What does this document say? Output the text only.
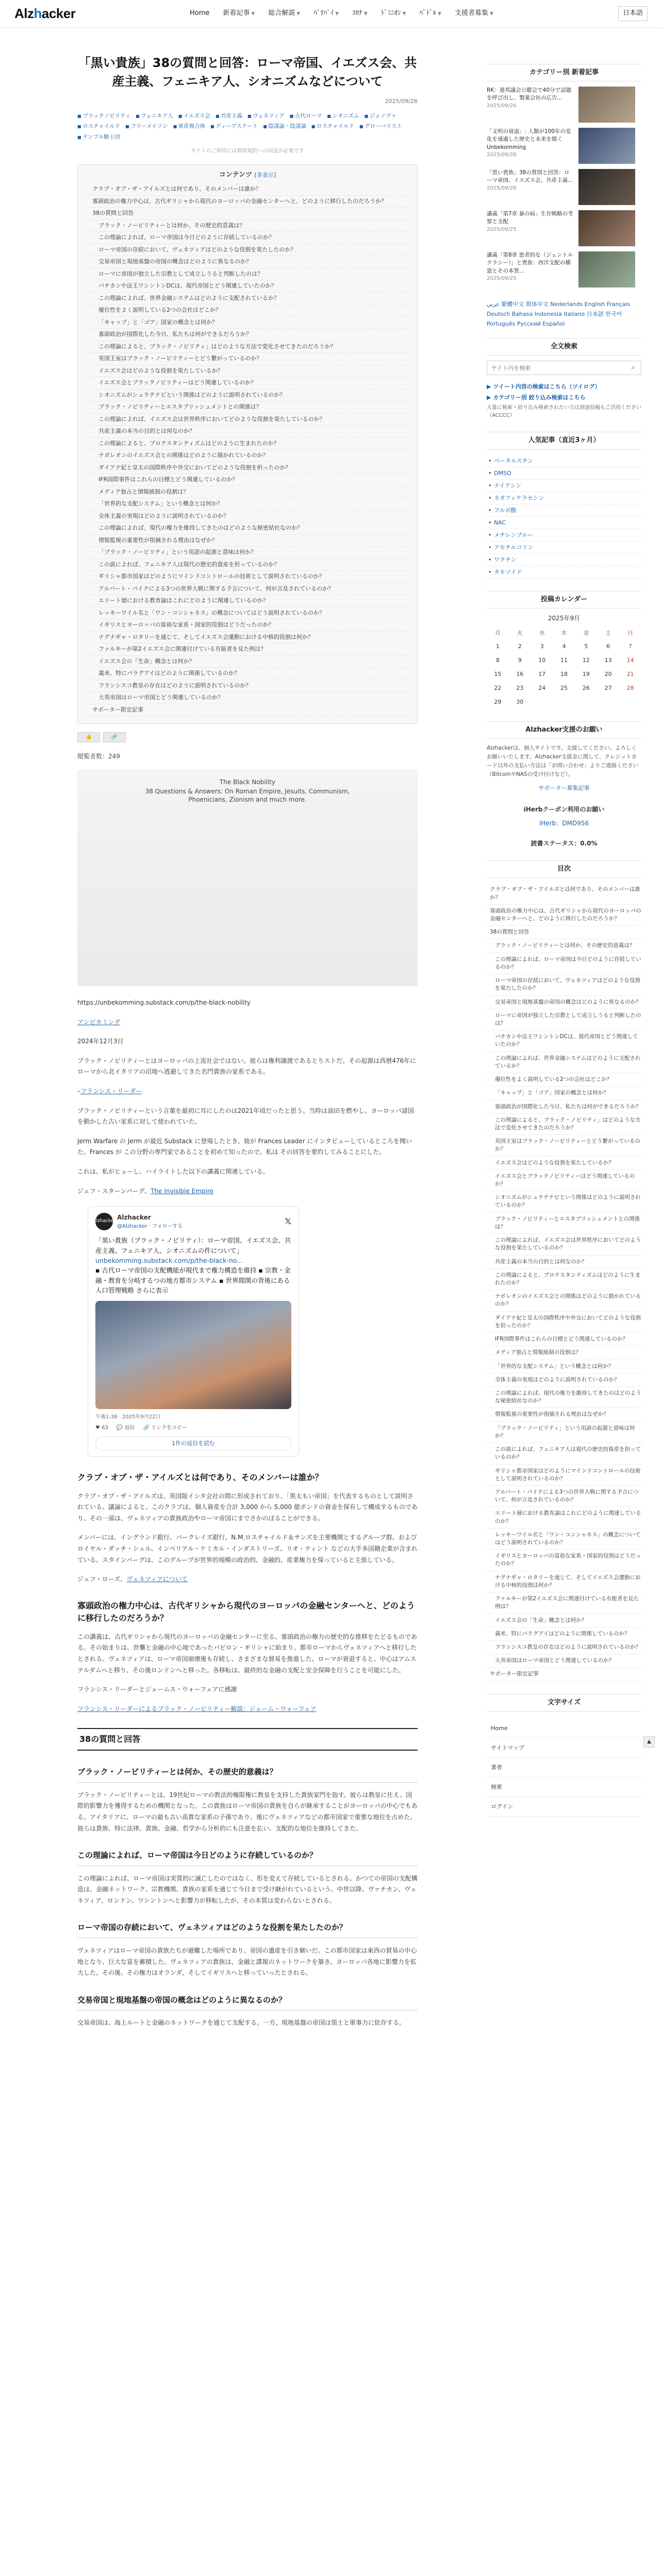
Alzhacker	Home 新着記事 ▼ 総合解説 ▼ ﾊﾟﾘﾊﾞｲ ▼ ｺﾛﾅ ▼ ﾄﾞﾐﾆｵﾝ ▼ ﾊﾟﾄﾞﾙ ▼ 支援者募集 ▼	日本語
「黒い貴族」38の質問と回答：ローマ帝国、イエズス会、共産主義、フェニキア人、シオニズムなどについて
2025/09/26
■ ブラックノビリティ	■ フェニキア人	■ イエズス会	■ 共産主義	■ ヴェネツィア	■ 古代ローマ	■ シオニズム	■ ジェノヴァ
■ ロスチャイルド	■ フリーメイソン	■ 軍産複合体	■ ディープステート	■ 陰謀論・陰謀論	■ ロスチャイルド	■ グローバリスト
■ テンプル騎士団
サイトのご利用には利用規約への同意が必要です
コンテンツ [非表示]
クラブ・オブ・ザ・アイルズとは何であり、そのメンバーは誰か？
寡頭政治の権力中心は、古代ギリシャから現代のヨーロッパの金融センターへと、どのように移行したのだろうか？
38の質問と回答
ブラック・ノービリティーとは何か、その歴史的意義は？
この理論によれば、ローマ帝国は今日どのように存続しているのか？
ローマ帝国の存続において、ヴェネツィアはどのような役割を果たしたのか？
交易帝国と現地基盤の帝国の概念はどのように異なるのか？
ローマに帝国が独立した宗教として成立しうると判断したのは？
バチカンや法王ワシントンDCは、現代帝国とどう関連していたのか？
この理論によれば、世界金融システムはどのように支配されているか？
優位性をよく説明している2つの会社はどこか？
「キャップ」と「ゴア」国家の概念とは何か？
寡頭政治が国際化した今日、私たちは何ができるだろうか？
この理論によると、ブラック・ノビリティ」はどのような方法で変化させてきたのだろうか？
英国王室はブラック・ノービリティーとどう繋がっているのか？
イエズス会はどのような役割を果たしているか？
イエズス会とブラックノビリティーはどう関連しているのか？
シオニズムがシュラテナビという関係はどのように説明されているのか？
ブラック・ノビリティーとエスタブリッシュメントとの関係は？
この理論によれば、イエズス会は世界秩序においてどのような役割を果たしているのか？
共産主義の本当の目的とは何なのか？
この理論によると、プロテスタンティズムはどのように生まれたのか？
ナポレオンのイエズス会との関係はどのように描かれているのか？
ダイアナ妃と皇太の国際秩序や外交においてどのような役割を担ったのか？
IFR国際事件はこれらの目標とどう関連しているのか？
メディア独占と情報統制の役割は？
「世界的な支配システム」という概念とは何か？
全体主義の実現はどのように説明されているのか？
この理論によれば、現代の権力を維持してきたのはどのような秘密結社なのか？
情報監視の重要性が指摘される理由はなぜか？
「ブラック・ノービリティ」という用語の起源と意味は何か？
この説によれば、フェニキア人は現代の歴史的資産を担っているのか？
ギリシャ都市国家はどのようにマインドコントロールの技術として説明されているのか？
アルバート・パイクによる3つの世界大戦に関する予言について、何が言及されているのか？
エリート層における教育論はこれにどのように関連しているのか？
レッキーワイル名と「ワン・コンシャネス」の概念についてはどう説明されているのか？
イギリスとヨーロッパの富裕な家系・国家的役割はどうだったのか？
ナグナギャ・ロタリーを通じて、そしてイエズス会運動における中核的役割は何か？
ファルキーが第2イエズス会に関連付けている有能者を見た例は？
イエズス会の「生命」概念とは何か？
義米、特にパラグアイはどのように関係しているのか？
フランシスコ教皇の存在はどのように説明されているのか？
大英帝国はローマ帝国とどう関連しているのか？
サポーター限定記事
👍	🔗
閲覧者数：249
The Black Nobility
38 Questions & Answers: On Roman Empire, Jesuits, Communism, Phoenicians, Zionism and much more.

https://unbekomming.substack.com/p/the-black-nobility

アンビカミング

2024年12月3日

ブラック・ノビリティーとはヨーロッパの上流社会ではない。彼らは権利譲渡であるとりストだ。その起源は西暦476年にローマから北イタリアの沼地へ逃避してきた名門貴族の家系である。

–フランシス・リーダー

ブラック・ノビリティーという言葉を最初に耳にしたのは2021年頃だったと思う。当時は油田を燃やし、ヨーロッパ諸国を動かした古い家系に対して使われていた。

Jerm Warfare の Jerm が最近 Substack に登場したとき、彼が Frances Leader にインタビューしているところを聞いた。Frances が この分野の専門家であることを初めて知ったので、私は その回答を要約してみることにした。

これは、私がヒューし、ハイライトした以下の講義に関連している。

ジェフ・スターンバーグ、The Invisible Empire

Alzhacker
Alzhacker
@Alzhacker · フォローする
𝕏
「黒い貴族（ブラック・ノビリティ）：ローマ帝国、イエズス会、共産主義、フェニキア人、シオニズムの件について」
unbekomming.substack.com/p/the-black-no...
▪ 古代ローマ帝国の支配機能が現代まで権力構造を維持 ▪ 宗教・金融・教育を分岐するつの地方都市システム ▪ 世界間関の背後にある人口管理戦略 さらに表示
午後1:38 · 2025年9月22日
♥ 63 💬 返信 🔗 リンクをコピー
1件の返信を読む
クラブ・オブ・ザ・アイルズとは何であり、そのメンバーは誰か？

クラブ・オブ・ザ・アイルズは、英国版イシタ会社の間に形成されており、「黒太もい帝国」を代表するものとして説明されている。議論によると、このクラブは、個人資産を合計 3,000 から 5,000 億ポンドの資金を保有して構成するものであり、その一部は、ヴェネツィアの貴族政治やローマ帝国にまでさかのぼることができる。

メンバーには、イングランド銀行、バークレイズ銀行、N.M.ロスチャイルド＆サンズを主要機関とするグループ群、およびロイヤル・ダッチ・シェル、インペリアル・ケミカル・インダストリーズ、リオ・ティント などの大手多国籍企業が含まれている。スタインバーグは、このグループが世界的規模の政治的、金融的、産業権力を保っていると主張している。

ジェフ・ローズ、ヴェネツィアについて

寡頭政治の権力中心は、古代ギリシャから現代のヨーロッパの金融センターへと、どのように移行したのだろうか？

この講義は、古代ギリシャから現代のヨーロッパの金融センターに至る、寡頭政治の権力の歴史的な推移をたどるものである。その始まりは、世襲と金融の中心地であったバビロン・ギリシャに始まり、都市ローマからヴェネツィアへと移行したとされる。ヴェネツィアは、ローマ帝国崩壊後も存続し、さまざまな貿易を推進した。ローマが衰退すると、中心はアムステルダムへと移り、その後ロンドンへと移った。各移転は、最終的な金融の支配と安全保障を行うことを可能にした。

フランシス・リーダーとジェームス・ウォーフェアに感謝

フランシス・リーダーによるブラック・ノービリティー解説：ジェーム・ウォーフェア

38の質問と回答
ブラック・ノービリティーとは何か、その歴史的意義は？

ブラック・ノービリティーとは、19世紀ローマの教法的権限権に教皇を支持した貴族家門を指す。彼らは教皇に仕え、国際的影響力を獲得するための機関となった。この貴族はローマ帝国の貴族を自らが継承することがヨーロッパの中心でもある。アイタリアに、ローマの最も古い高貴な家系の子孫であり、後にヴェネツィアなどの都市国家で重要な地位を占めた。彼らは貴族、特に法律、貴族、金融、哲学から分析的にも注意を払い、支配的な地位を維持してきた。

この理論によれば、ローマ帝国は今日どのように存続しているのか？

この理論によれば、ローマ帝国は実質的に滅亡したのではなく、形を変えて存続しているとされる。かつての帝国の支配構造は、金融ネットワーク、宗教機関、貴族の家系を通じて今日まで受け継がれているという。中世以降、ヴァチカン、ヴェネツィア、ロンドン、ワシントンへと影響力が移転したが、その本質は変わらないとされる。

ローマ帝国の存続において、ヴェネツィアはどのような役割を果たしたのか？

ヴェネツィアはローマ帝国の貴族たちが避難した場所であり、帝国の遺産を引き継いだ。この都市国家は東西の貿易の中心地となり、巨大な富を蓄積した。ヴェネツィアの貴族は、金融と諜報のネットワークを築き、ヨーロッパ各地に影響力を拡大した。その後、その権力はオランダ、そしてイギリスへと移っていったとされる。

交易帝国と現地基盤の帝国の概念はどのように異なるのか？

交易帝国は、海上ルートと金融のネットワークを通じて支配する。一方、現地基盤の帝国は領土と軍事力に依存する。

カテゴリー別 新着記事
RK：連邦議会公聴会で40分で話題を呼び出し、製薬会社の広告...
2025/09/26
「文明の衰退」: 人類が100年の変化を通過した歴史と未来を描く Unbekomming
2025/09/26
「黒い貴族」38の質問と回答：ローマ帝国、イエズス会、共産主義...
2025/09/26
講義「第7章 暴の病」生存戦略の考察と支配
2025/09/25
講義「第8章 患者的な（ジェントルクラシー）」と貴族：西洋支配の構造とその本質...
2025/09/25
عربي 繁體中文 简体中文 Nederlands English Français Deutsch Bahasa Indonesia Italiano 日本語 한국어 Português Русский Español
全文検索
サイト内を検索
⌕
▶ ツイート内容の検索はこちら（ツイログ）
▶ カテゴリー別 絞り込み検索はこちら
大量に検索・絞り込み検索されたい方は別途投稿もご活用ください（ACCCC）
人気記事（直近3ヶ月）
• ベータルスチン
• DMSO
• ナイアシン
• ネオフィケラセシン
• フルボ酸
• NAC
• メチレンブルー
• アセチルコリン
• ワクチン
• タキソイド
投稿カレンダー
2025年9月
月	火	水	木	金	土	日
1	2	3	4	5	6	7
8	9	10	11	12	13	14
15	16	17	18	19	20	21
22	23	24	25	26	27	28
29	30					
Alzhacker支援のお願い
Alzhackerは、個人サイトです。支援してください。よろしくお願いいたします。Alzhacker支援金に関して、クレジットカード以外の支払い方法は「お問い合わせ」よりご連絡ください（BitcoinやNASの受け付けなど）。
サポーター募集記事
iHerbクーポン利用のお願い
iHerb：DMD956
読書ステータス：0.0%
目次
クラブ・オブ・ザ・アイルズとは何であり、そのメンバーは誰か？
寡頭政治の権力中心は、古代ギリシャから現代のヨーロッパの金融センターへと、どのように移行したのだろうか？
38の質問と回答
ブラック・ノービリティーとは何か、その歴史的意義は？
この理論によれば、ローマ帝国は今日どのように存続しているのか？
ローマ帝国の存続において、ヴェネツィアはどのような役割を果たしたのか？
交易帝国と現地基盤の帝国の概念はどのように異なるのか？
ローマに帝国が独立した宗教として成立しうると判断したのは？
バチカンや法王ワシントンDCは、現代帝国とどう関連していたのか？
この理論によれば、世界金融システムはどのように支配されているか？
優位性をよく説明している2つの会社はどこか？
「キャップ」と「ゴア」国家の概念とは何か？
寡頭政治が国際化した今日、私たちは何ができるだろうか？
この理論によると、ブラック・ノビリティ」はどのような方法で変化させてきたのだろうか？
英国王室はブラック・ノービリティーとどう繋がっているのか？
イエズス会はどのような役割を果たしているか？
イエズス会とブラックノビリティーはどう関連しているのか？
シオニズムがシュラテナビという関係はどのように説明されているのか？
ブラック・ノビリティーとエスタブリッシュメントとの関係は？
この理論によれば、イエズス会は世界秩序においてどのような役割を果たしているのか？
共産主義の本当の目的とは何なのか？
この理論によると、プロテスタンティズムはどのように生まれたのか？
ナポレオンのイエズス会との関係はどのように描かれているのか？
ダイアナ妃と皇太の国際秩序や外交においてどのような役割を担ったのか？
IFR国際事件はこれらの目標とどう関連しているのか？
メディア独占と情報統制の役割は？
「世界的な支配システム」という概念とは何か？
全体主義の実現はどのように説明されているのか？
この理論によれば、現代の権力を維持してきたのはどのような秘密結社なのか？
情報監視の重要性が指摘される理由はなぜか？
「ブラック・ノービリティ」という用語の起源と意味は何か？
この説によれば、フェニキア人は現代の歴史的資産を担っているのか？
ギリシャ都市国家はどのようにマインドコントロールの技術として説明されているのか？
アルバート・パイクによる3つの世界大戦に関する予言について、何が言及されているのか？
エリート層における教育論はこれにどのように関連しているのか？
レッキーワイル名と「ワン・コンシャネス」の概念についてはどう説明されているのか？
イギリスとヨーロッパの富裕な家系・国家的役割はどうだったのか？
ナグナギャ・ロタリーを通じて、そしてイエズス会運動における中核的役割は何か？
ファルキーが第2イエズス会に関連付けている有能者を見た例は？
イエズス会の「生命」概念とは何か？
義米、特にパラグアイはどのように関係しているのか？
フランシスコ教皇の存在はどのように説明されているのか？
大英帝国はローマ帝国とどう関連しているのか？
サポーター限定記事
文字サイズ
Home
サイトマップ
著者
検索
ログイン
▲
